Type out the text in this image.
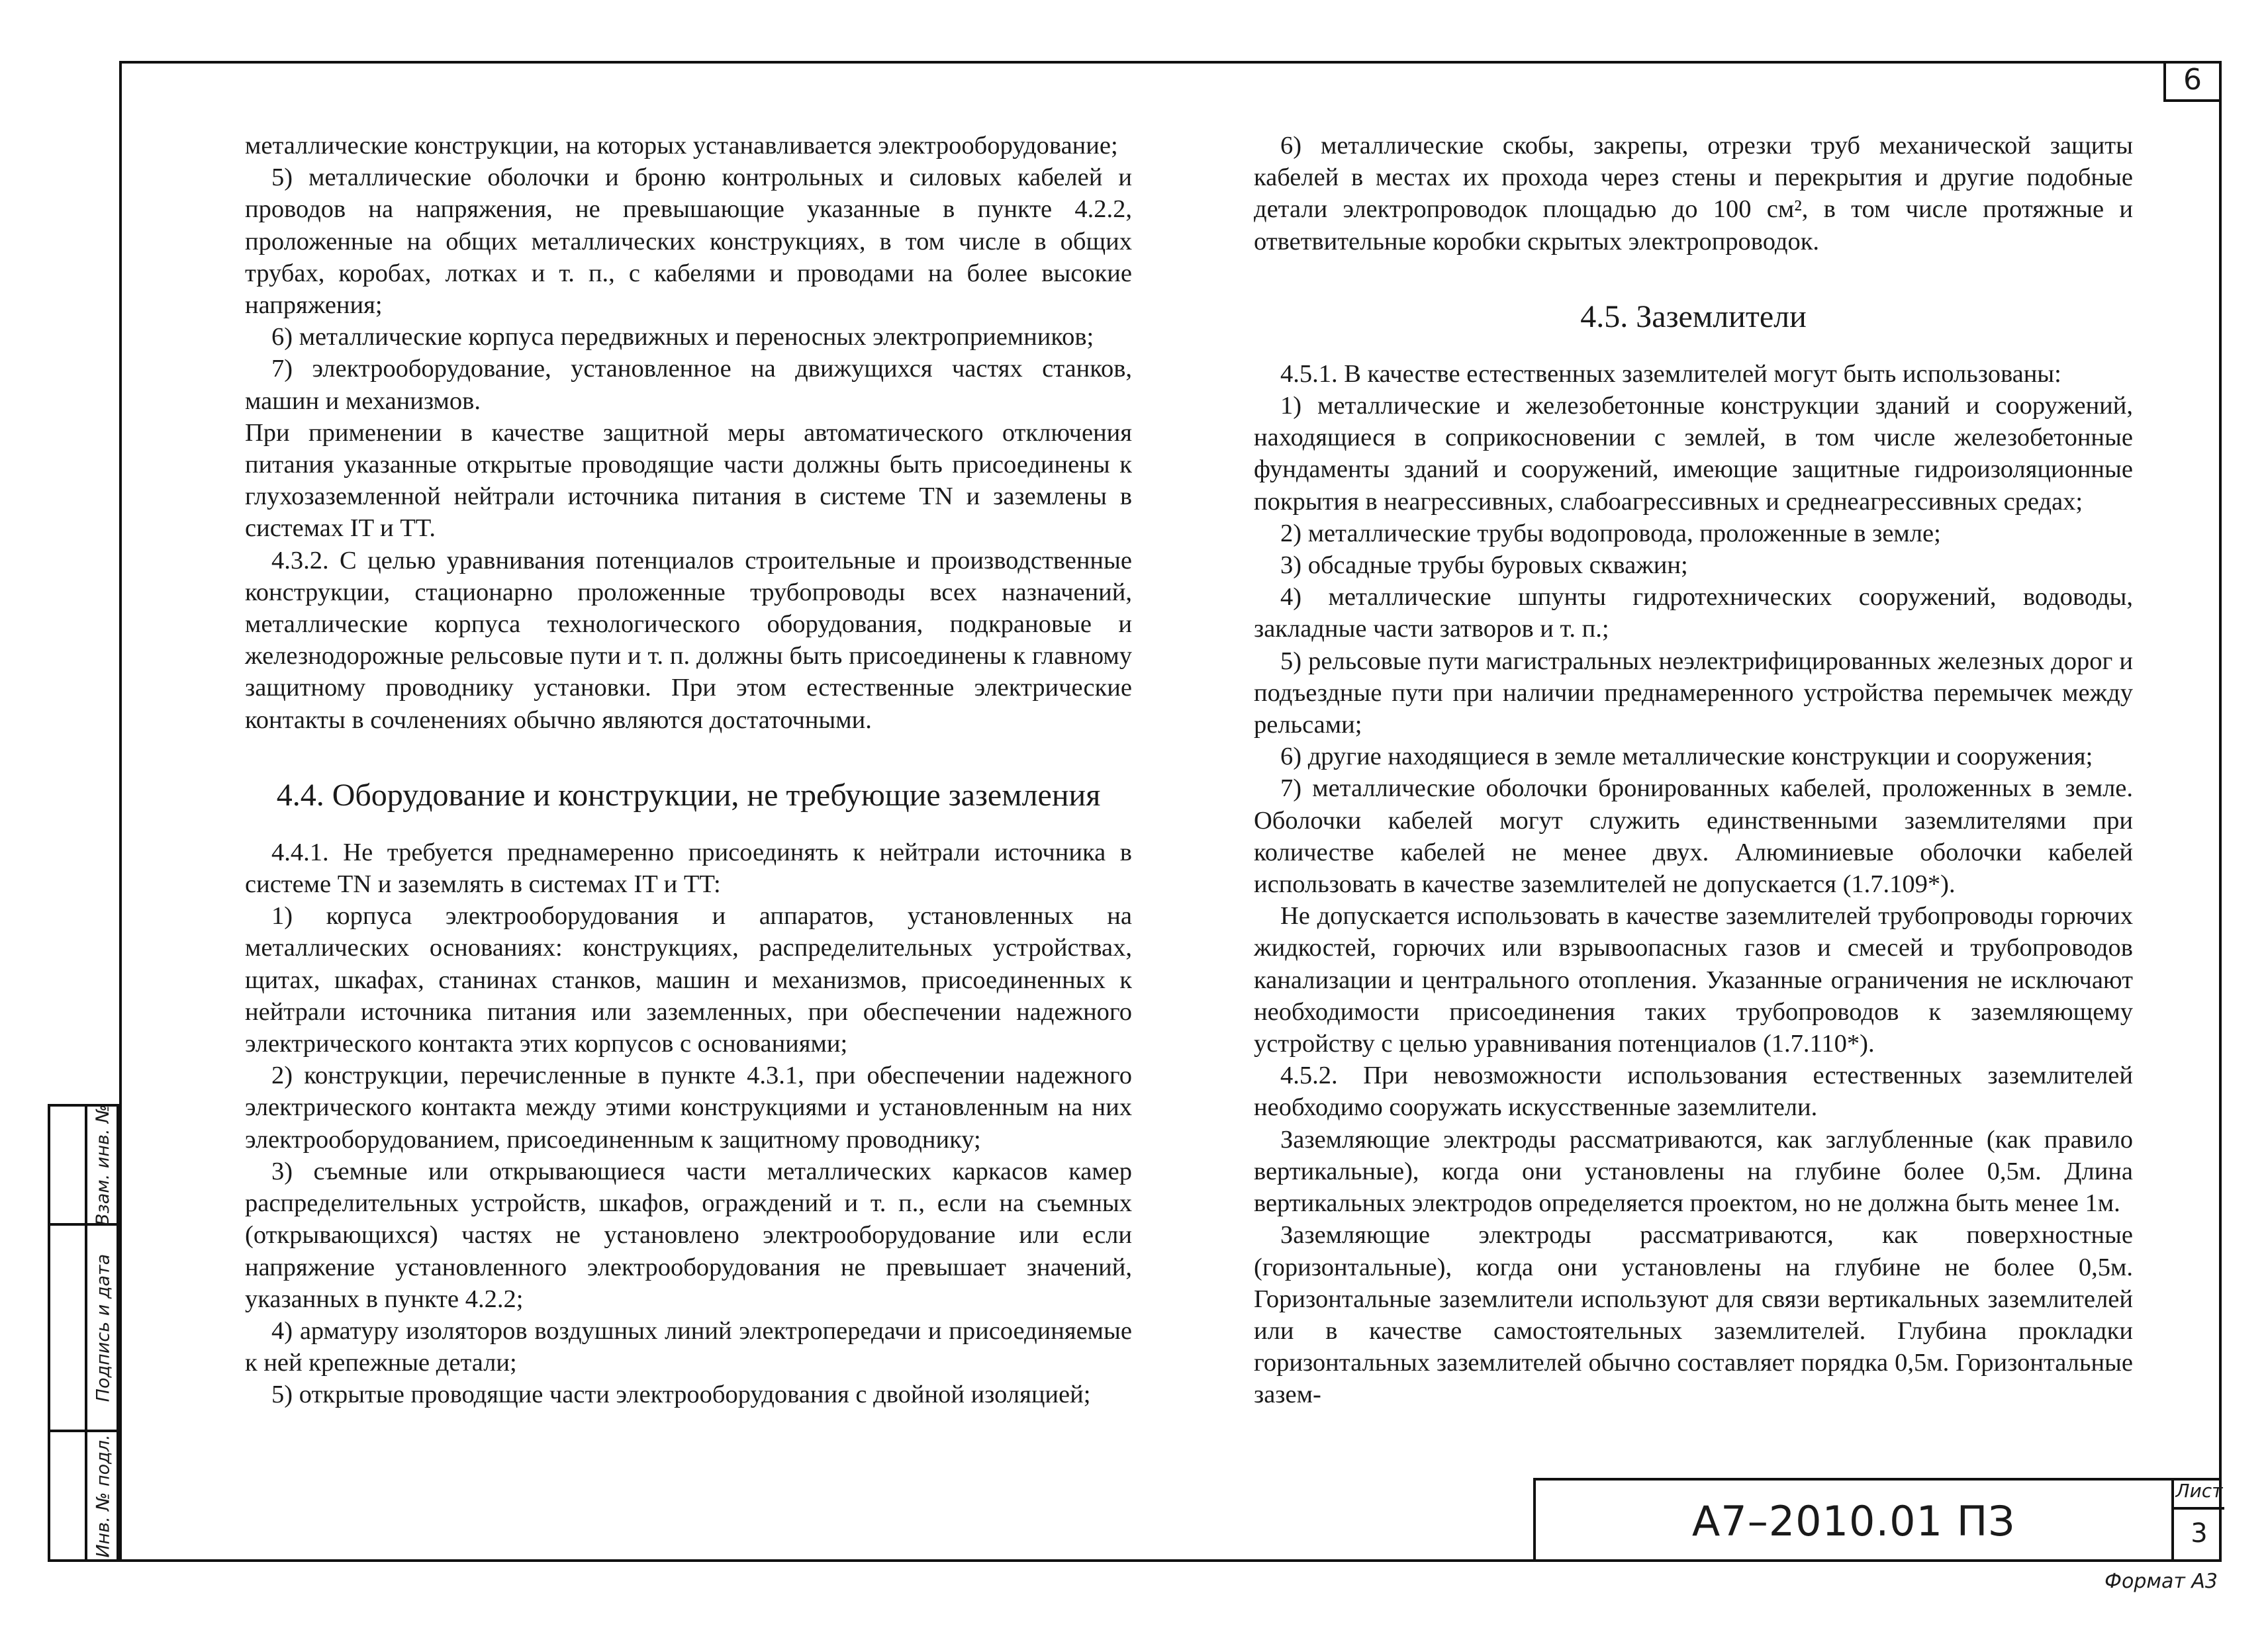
6

металлические конструкции, на которых устанавливается электрооборудование;

5) металлические оболочки и броню контрольных и силовых кабелей и проводов на напряжения, не превышающие указанные в пункте 4.2.2, проложенные на общих металлических конструкциях, в том числе в общих трубах, коробах, лотках и т. п., с кабелями и проводами на более высокие напряжения;

6) металлические корпуса передвижных и переносных электроприемников;

7) электрооборудование, установленное на движущихся частях станков, машин и механизмов.

При применении в качестве защитной меры автоматического отключения питания указанные открытые проводящие части должны быть присоединены к глухозаземленной нейтрали источника питания в системе TN и заземлены в системах IT и TT.

4.3.2. С целью уравнивания потенциалов строительные и производственные конструкции, стационарно проложенные трубопроводы всех назначений, металлические корпуса технологического оборудования, подкрановые и железнодорожные рельсовые пути и т. п. должны быть присоединены к главному защитному проводнику установки. При этом естественные электрические контакты в сочленениях обычно являются достаточными.

4.4. Оборудование и конструкции, не требующие заземления

4.4.1. Не требуется преднамеренно присоединять к нейтрали источника в системе TN и заземлять в системах IT и TT:

1) корпуса электрооборудования и аппаратов, установленных на металлических основаниях: конструкциях, распределительных устройствах, щитах, шкафах, станинах станков, машин и механизмов, присоединенных к нейтрали источника питания или заземленных, при обеспечении надежного электрического контакта этих корпусов с основаниями;

2) конструкции, перечисленные в пункте 4.3.1, при обеспечении надежного электрического контакта между этими конструкциями и установленным на них электрооборудованием, присоединенным к защитному проводнику;

3) съемные или открывающиеся части металлических каркасов камер распределительных устройств, шкафов, ограждений и т. п., если на съемных (открывающихся) частях не установлено электрооборудование или если напряжение установленного электрооборудования не превышает значений, указанных в пункте 4.2.2;

4) арматуру изоляторов воздушных линий электропередачи и присоединяемые к ней крепежные детали;

5) открытые проводящие части электрооборудования с двойной изоляцией;

6) металлические скобы, закрепы, отрезки труб механической защиты кабелей в местах их прохода через стены и перекрытия и другие подобные детали электропроводок площадью до 100 см², в том числе протяжные и ответвительные коробки скрытых электропроводок.

4.5. Заземлители

4.5.1. В качестве естественных заземлителей могут быть использованы:

1) металлические и железобетонные конструкции зданий и сооружений, находящиеся в соприкосновении с землей, в том числе железобетонные фундаменты зданий и сооружений, имеющие защитные гидроизоляционные покрытия в неагрессивных, слабоагрессивных и среднеагрессивных средах;

2) металлические трубы водопровода, проложенные в земле;

3) обсадные трубы буровых скважин;

4) металлические шпунты гидротехнических сооружений, водоводы, закладные части затворов и т. п.;

5) рельсовые пути магистральных неэлектрифицированных железных дорог и подъездные пути при наличии преднамеренного устройства перемычек между рельсами;

6) другие находящиеся в земле металлические конструкции и сооружения;

7) металлические оболочки бронированных кабелей, проложенных в земле. Оболочки кабелей могут служить единственными заземлителями при количестве кабелей не менее двух. Алюминиевые оболочки кабелей использовать в качестве заземлителей не допускается (1.7.109*).

Не допускается использовать в качестве заземлителей трубопроводы горючих жидкостей, горючих или взрывоопасных газов и смесей и трубопроводов канализации и центрального отопления. Указанные ограничения не исключают необходимости присоединения таких трубопроводов к заземляющему устройству с целью уравнивания потенциалов (1.7.110*).

4.5.2. При невозможности использования естественных заземлителей необходимо сооружать искусственные заземлители.

Заземляющие электроды рассматриваются, как заглубленные (как правило вертикальные), когда они установлены на глубине более 0,5м. Длина вертикальных электродов определяется проектом, но не должна быть менее 1м.

Заземляющие электроды рассматриваются, как поверхностные (горизонтальные), когда они установлены на глубине не более 0,5м. Горизонтальные заземлители используют для связи вертикальных заземлителей или в качестве самостоятельных заземлителей. Глубина прокладки горизонтальных заземлителей обычно составляет порядка 0,5м. Горизонтальные зазем-

Взам. инв. №
Подпись и дата
Инв. № подл.	А7–2010.01 ПЗ
Лист
3
Формат А3
